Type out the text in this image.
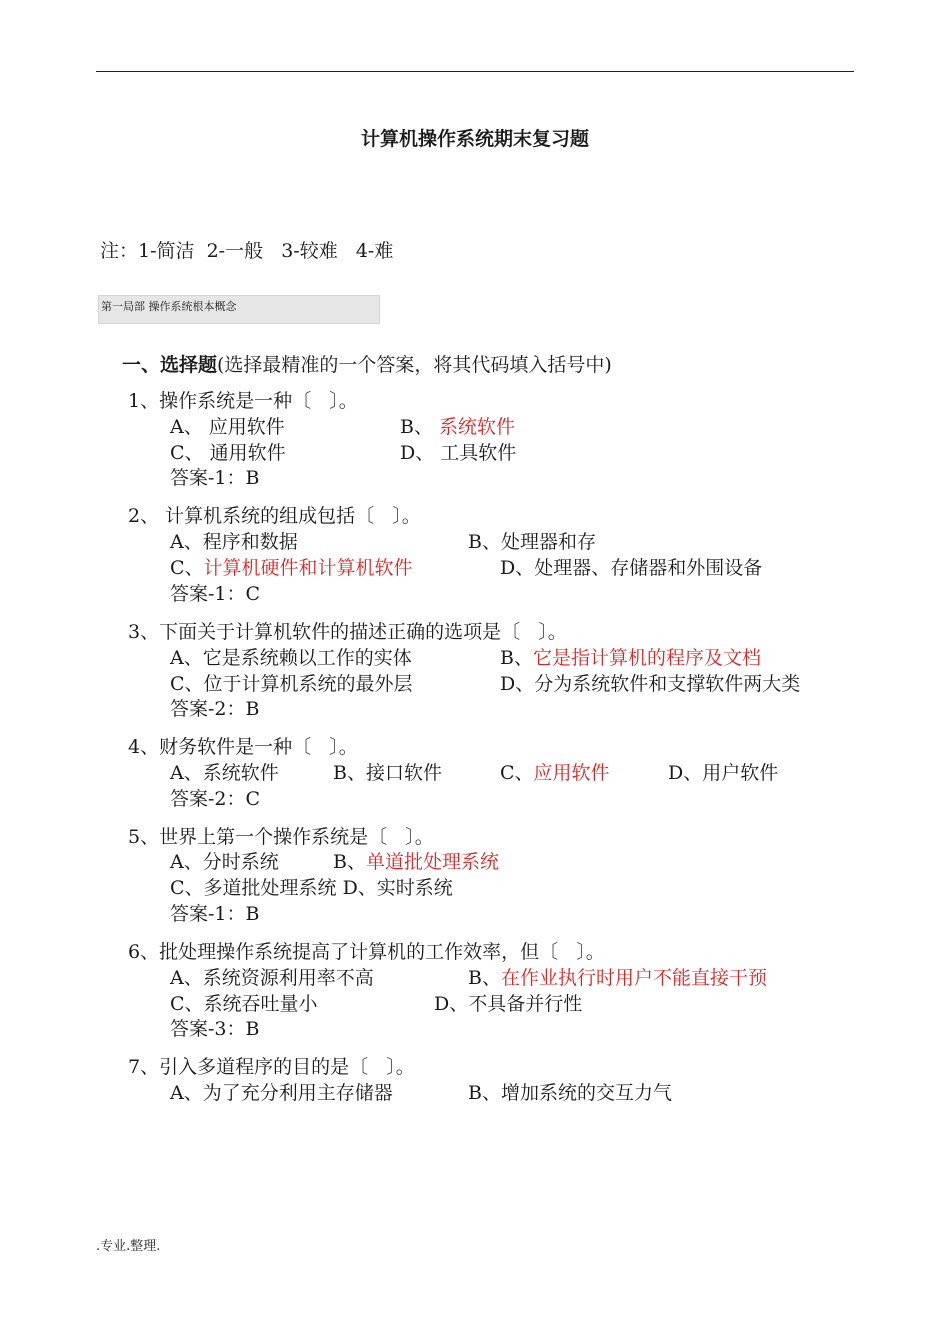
计算机操作系统期末复习题
注：1-简洁  2-一般   3-较难   4-难
第一局部 操作系统根本概念
一、选择题(选择最精准的一个答案，将其代码填入括号中)
1、操作系统是一种〔   〕。
A、 应用软件	B、 系统软件
C、 通用软件	D、 工具软件
答案-1：B
2、 计算机系统的组成包括〔   〕。
A、程序和数据	B、处理器和存
C、计算机硬件和计算机软件	D、处理器、存储器和外围设备
答案-1：C
3、下面关于计算机软件的描述正确的选项是〔   〕。
A、它是系统赖以工作的实体	B、它是指计算机的程序及文档
C、位于计算机系统的最外层	D、分为系统软件和支撑软件两大类
答案-2：B
4、财务软件是一种〔   〕。
A、系统软件	B、接口软件	C、应用软件	D、用户软件
答案-2：C
5、世界上第一个操作系统是〔   〕。
A、分时系统	B、单道批处理系统
C、多道批处理系统 D、实时系统
答案-1：B
6、批处理操作系统提高了计算机的工作效率，但〔   〕。
A、系统资源利用率不高	B、在作业执行时用户不能直接干预
C、系统吞吐量小	D、不具备并行性
答案-3：B
7、引入多道程序的目的是〔   〕。
A、为了充分利用主存储器	B、增加系统的交互力气
.专业.整理.
